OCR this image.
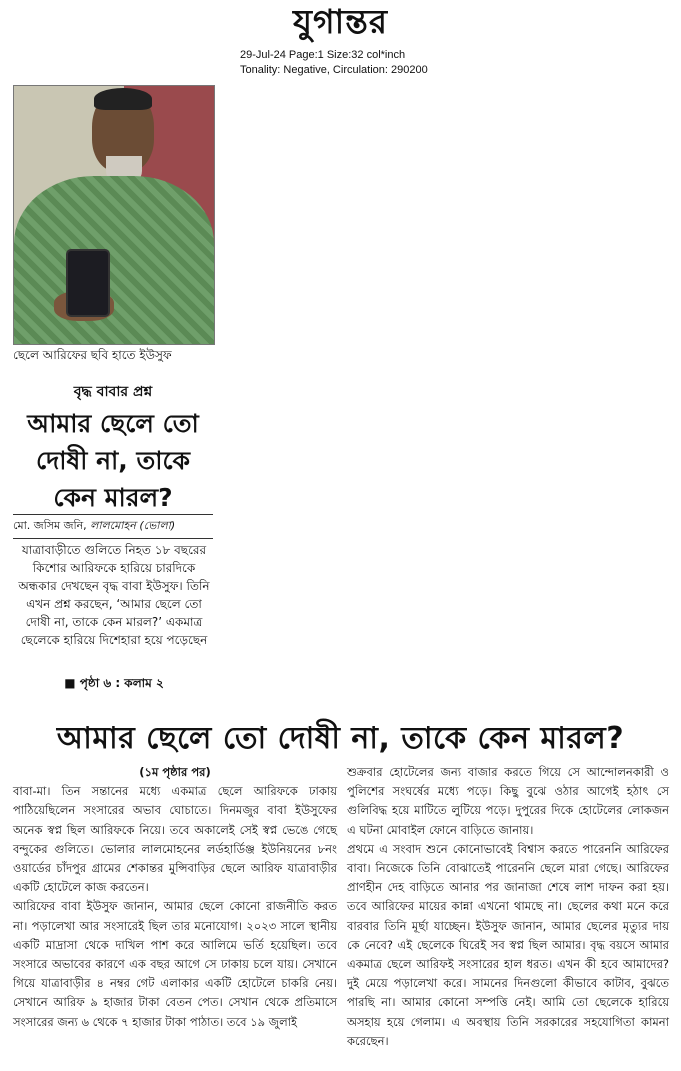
যুগান্তর
29-Jul-24 Page:1 Size:32 col*inch
Tonality: Negative, Circulation: 290200
ছেলে আরিফের ছবি হাতে ইউসুফ
বৃদ্ধ বাবার প্রশ্ন
আমার ছেলে তো
দোষী না, তাকে
কেন মারল?
মো. জসিম জনি, লালমোহন (ভোলা)
যাত্রাবাড়ীতে গুলিতে নিহত ১৮ বছরের কিশোর আরিফকে হারিয়ে চারদিকে অন্ধকার দেখছেন বৃদ্ধ বাবা ইউসুফ। তিনি এখন প্রশ্ন করছেন, ‘আমার ছেলে তো দোষী না, তাকে কেন মারল?’ একমাত্র ছেলেকে হারিয়ে দিশেহারা হয়ে পড়েছেন
■ পৃষ্ঠা ৬ : কলাম ২
আমার ছেলে তো দোষী না, তাকে কেন মারল?

(১ম পৃষ্ঠার পর)

বাবা-মা। তিন সন্তানের মধ্যে একমাত্র ছেলে আরিফকে ঢাকায় পাঠিয়েছিলেন সংসারের অভাব ঘোচাতে। দিনমজুর বাবা ইউসুফের অনেক স্বপ্ন ছিল আরিফকে নিয়ে। তবে অকালেই সেই স্বপ্ন ভেঙে গেছে বন্দুকের গুলিতে। ভোলার লালমোহনের লর্ডহার্ডিঞ্জ ইউনিয়নের ৮নং ওয়ার্ডের চাঁদপুর গ্রামের শেকান্তর মুন্সিবাড়ির ছেলে আরিফ যাত্রাবাড়ীর একটি হোটেলে কাজ করতেন।

আরিফের বাবা ইউসুফ জানান, আমার ছেলে কোনো রাজনীতি করত না। পড়ালেখা আর সংসারেই ছিল তার মনোযোগ। ২০২৩ সালে স্থানীয় একটি মাদ্রাসা থেকে দাখিল পাশ করে আলিমে ভর্তি হয়েছিল। তবে সংসারে অভাবের কারণে এক বছর আগে সে ঢাকায় চলে যায়। সেখানে গিয়ে যাত্রাবাড়ীর ৪ নম্বর গেট এলাকার একটি হোটেলে চাকরি নেয়। সেখানে আরিফ ৯ হাজার টাকা বেতন পেত। সেখান থেকে প্রতিমাসে সংসারের জন্য ৬ থেকে ৭ হাজার টাকা পাঠাত। তবে ১৯ জুলাই

শুক্রবার হোটেলের জন্য বাজার করতে গিয়ে সে আন্দোলনকারী ও পুলিশের সংঘর্ষের মধ্যে পড়ে। কিছু বুঝে ওঠার আগেই হঠাৎ সে গুলিবিদ্ধ হয়ে মাটিতে লুটিয়ে পড়ে। দুপুরের দিকে হোটেলের লোকজন এ ঘটনা মোবাইল ফোনে বাড়িতে জানায়।

প্রথমে এ সংবাদ শুনে কোনোভাবেই বিশ্বাস করতে পারেননি আরিফের বাবা। নিজেকে তিনি বোঝাতেই পারেননি ছেলে মারা গেছে। আরিফের প্রাণহীন দেহ বাড়িতে আনার পর জানাজা শেষে লাশ দাফন করা হয়। তবে আরিফের মায়ের কান্না এখনো থামছে না। ছেলের কথা মনে করে বারবার তিনি মূর্ছা যাচ্ছেন। ইউসুফ জানান, আমার ছেলের মৃত্যুর দায় কে নেবে? এই ছেলেকে ঘিরেই সব স্বপ্ন ছিল আমার। বৃদ্ধ বয়সে আমার একমাত্র ছেলে আরিফই সংসারের হাল ধরত। এখন কী হবে আমাদের? দুই মেয়ে পড়ালেখা করে। সামনের দিনগুলো কীভাবে কাটাব, বুঝতে পারছি না। আমার কোনো সম্পত্তি নেই। আমি তো ছেলেকে হারিয়ে অসহায় হয়ে গেলাম। এ অবস্থায় তিনি সরকারের সহযোগিতা কামনা করেছেন।
